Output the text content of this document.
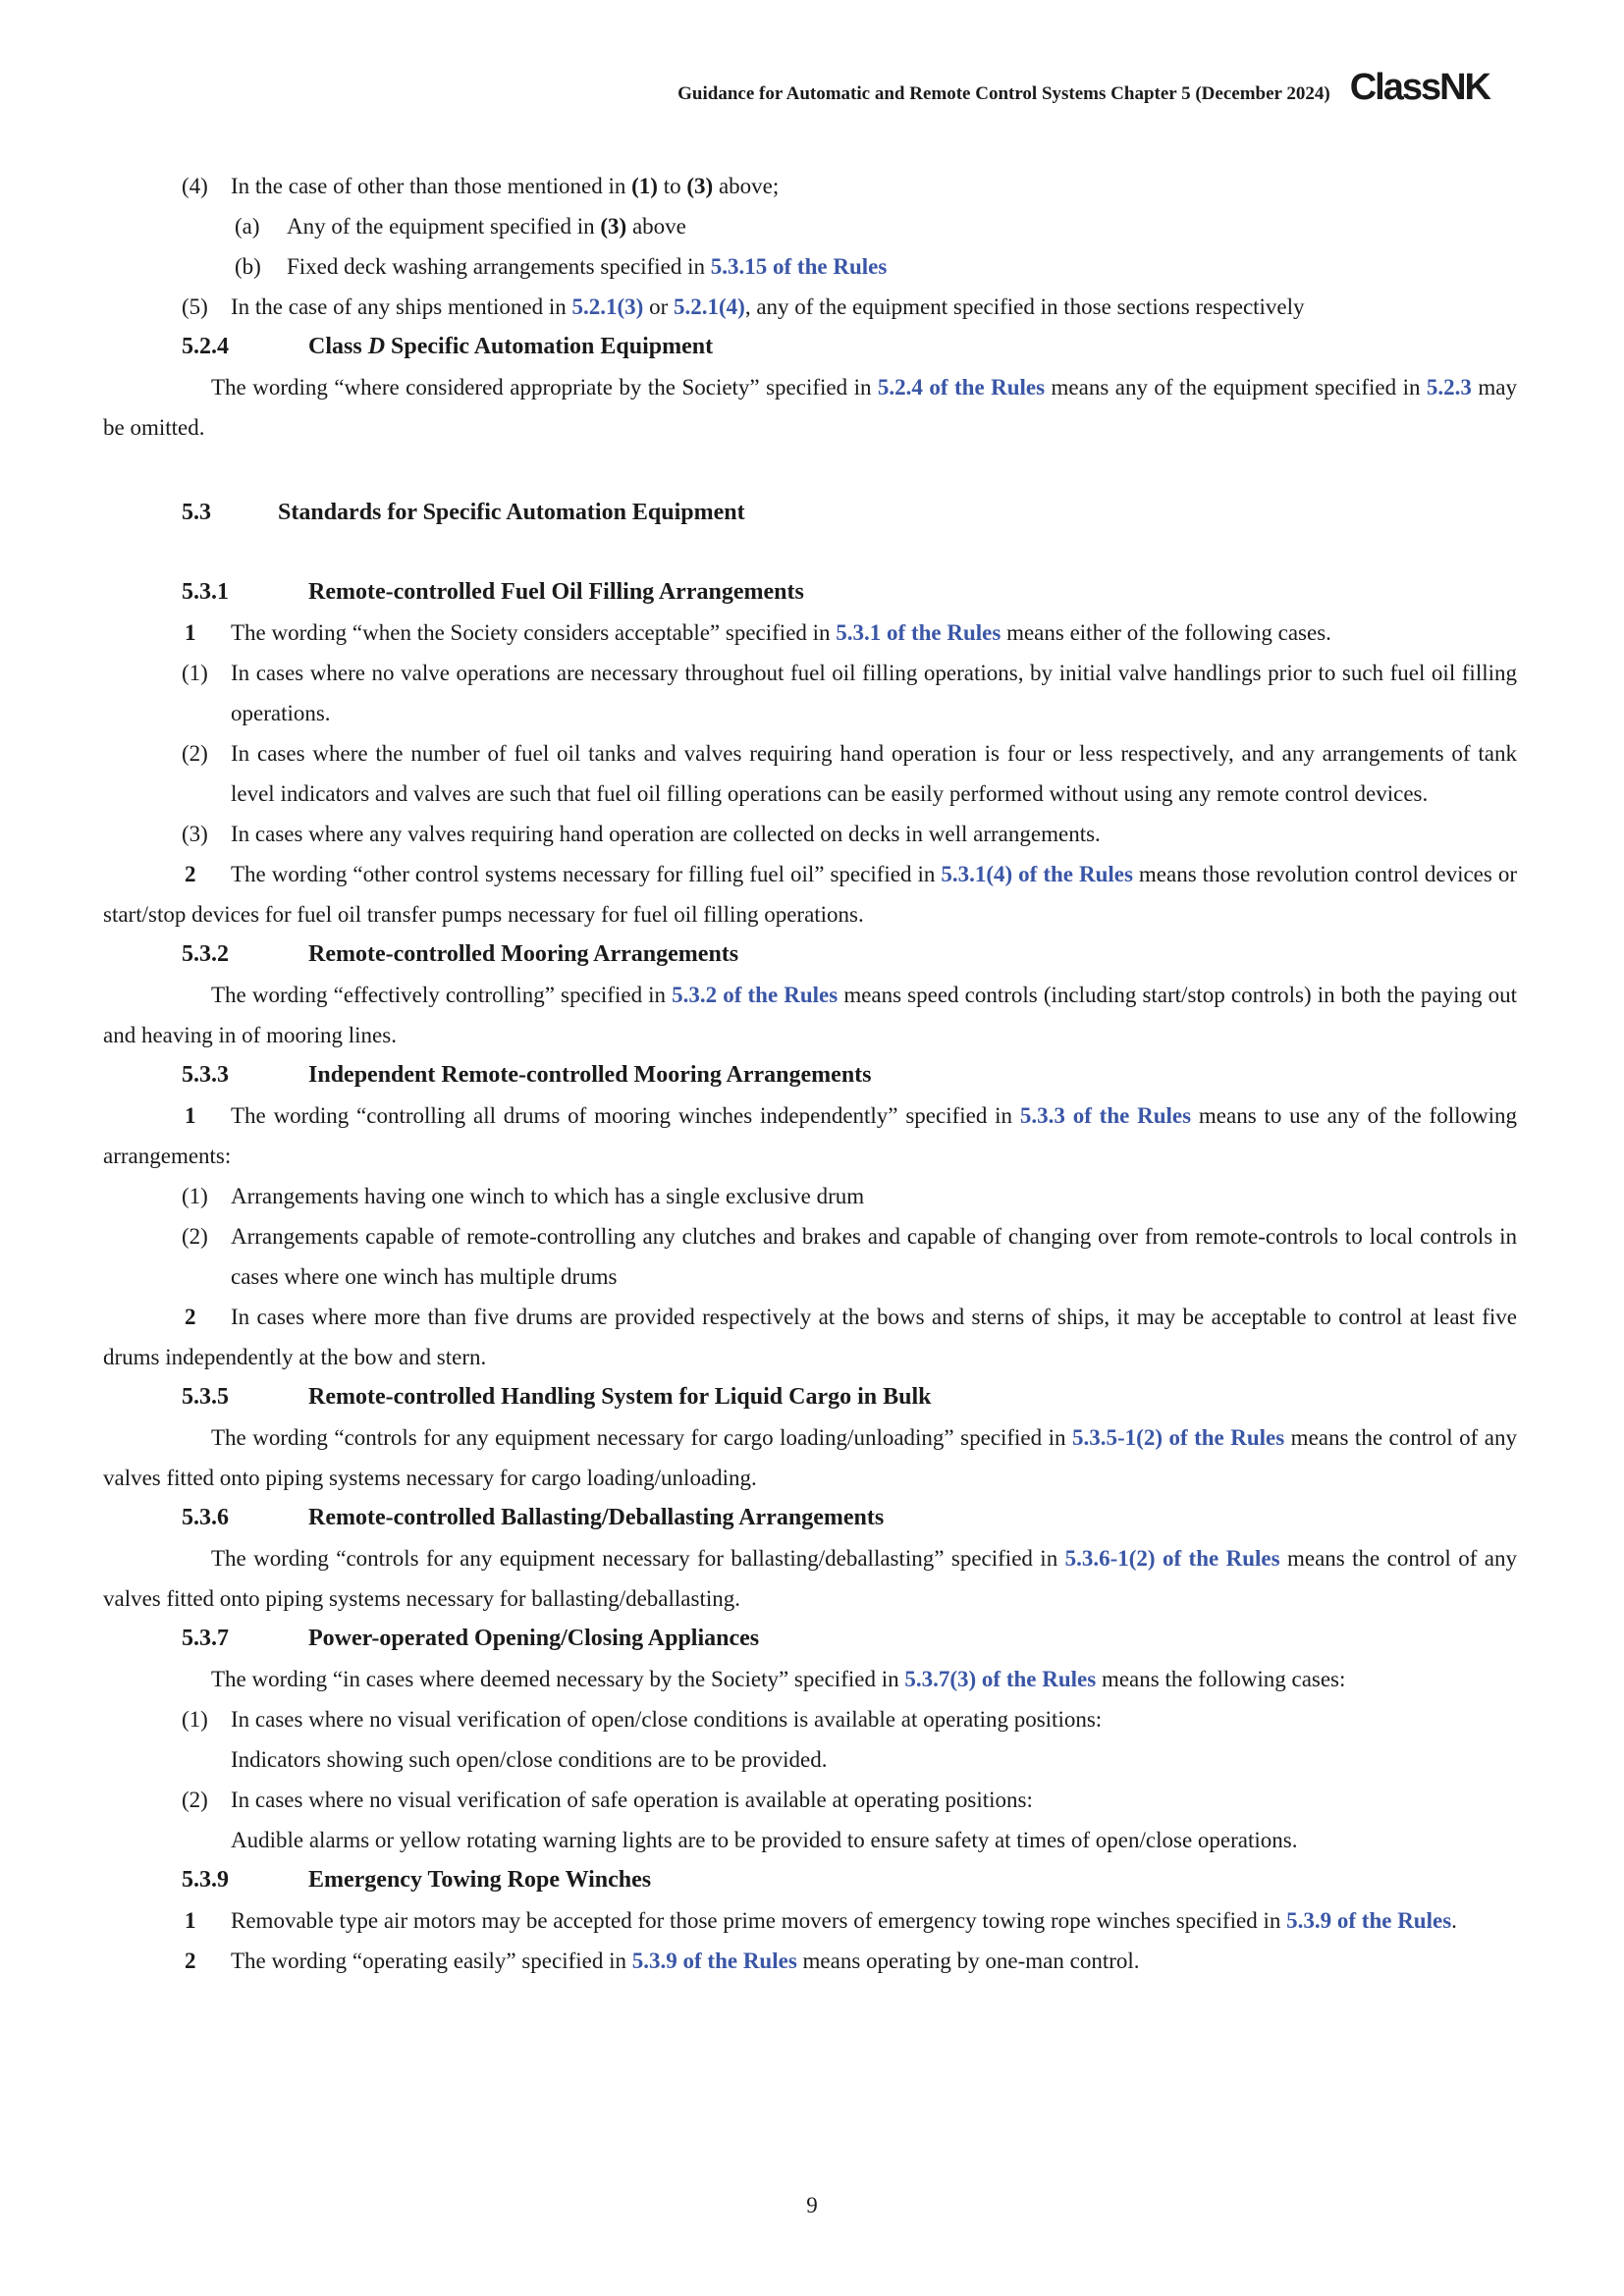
Guidance for Automatic and Remote Control Systems Chapter 5 (December 2024) ClassNK
(4) In the case of other than those mentioned in (1) to (3) above;
(a) Any of the equipment specified in (3) above
(b) Fixed deck washing arrangements specified in 5.3.15 of the Rules
(5) In the case of any ships mentioned in 5.2.1(3) or 5.2.1(4), any of the equipment specified in those sections respectively
5.2.4	Class D Specific Automation Equipment
The wording “where considered appropriate by the Society” specified in 5.2.4 of the Rules means any of the equipment specified in 5.2.3 may be omitted.
5.3	Standards for Specific Automation Equipment
5.3.1	Remote-controlled Fuel Oil Filling Arrangements
1 The wording “when the Society considers acceptable” specified in 5.3.1 of the Rules means either of the following cases.
(1) In cases where no valve operations are necessary throughout fuel oil filling operations, by initial valve handlings prior to such fuel oil filling operations.
(2) In cases where the number of fuel oil tanks and valves requiring hand operation is four or less respectively, and any arrangements of tank level indicators and valves are such that fuel oil filling operations can be easily performed without using any remote control devices.
(3) In cases where any valves requiring hand operation are collected on decks in well arrangements.
2 The wording “other control systems necessary for filling fuel oil” specified in 5.3.1(4) of the Rules means those revolution control devices or start/stop devices for fuel oil transfer pumps necessary for fuel oil filling operations.
5.3.2	Remote-controlled Mooring Arrangements
The wording “effectively controlling” specified in 5.3.2 of the Rules means speed controls (including start/stop controls) in both the paying out and heaving in of mooring lines.
5.3.3	Independent Remote-controlled Mooring Arrangements
1 The wording “controlling all drums of mooring winches independently” specified in 5.3.3 of the Rules means to use any of the following arrangements:
(1) Arrangements having one winch to which has a single exclusive drum
(2) Arrangements capable of remote-controlling any clutches and brakes and capable of changing over from remote-controls to local controls in cases where one winch has multiple drums
2 In cases where more than five drums are provided respectively at the bows and sterns of ships, it may be acceptable to control at least five drums independently at the bow and stern.
5.3.5	Remote-controlled Handling System for Liquid Cargo in Bulk
The wording “controls for any equipment necessary for cargo loading/unloading” specified in 5.3.5-1(2) of the Rules means the control of any valves fitted onto piping systems necessary for cargo loading/unloading.
5.3.6	Remote-controlled Ballasting/Deballasting Arrangements
The wording “controls for any equipment necessary for ballasting/deballasting” specified in 5.3.6-1(2) of the Rules means the control of any valves fitted onto piping systems necessary for ballasting/deballasting.
5.3.7	Power-operated Opening/Closing Appliances
The wording “in cases where deemed necessary by the Society” specified in 5.3.7(3) of the Rules means the following cases:
(1) In cases where no visual verification of open/close conditions is available at operating positions:
Indicators showing such open/close conditions are to be provided.
(2) In cases where no visual verification of safe operation is available at operating positions:
Audible alarms or yellow rotating warning lights are to be provided to ensure safety at times of open/close operations.
5.3.9	Emergency Towing Rope Winches
1 Removable type air motors may be accepted for those prime movers of emergency towing rope winches specified in 5.3.9 of the Rules.
2 The wording “operating easily” specified in 5.3.9 of the Rules means operating by one-man control.
9
